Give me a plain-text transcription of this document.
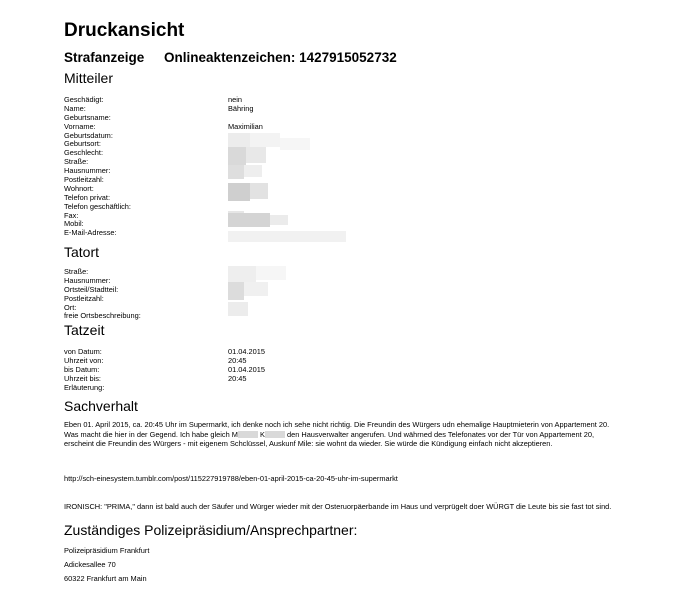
Druckansicht
Strafanzeige Onlineaktenzeichen: 1427915052732
Mitteiler
Geschädigt:	nein
Name:	Bähring
Geburtsname:
Vorname:	Maximilian
Geburtsdatum:
Geburtsort:
Geschlecht:
Straße:
Hausnummer:
Postleitzahl:
Wohnort:
Telefon privat:
Telefon geschäftlich:
Fax:
Mobil:
E-Mail-Adresse:
Tatort
Straße:
Hausnummer:
Ortsteil/Stadtteil:
Postleitzahl:
Ort:
freie Ortsbeschreibung:
Tatzeit
von Datum:	01.04.2015
Uhrzeit von:	20:45
bis Datum:	01.04.2015
Uhrzeit bis:	20:45
Erläuterung:
Sachverhalt
Eben 01. April 2015, ca. 20:45 Uhr im Supermarkt, ich denke noch ich sehe nicht richtig. Die Freundin des Würgers udn ehemalige Hauptmieterin von Appartement 20. Was macht die hier in der Gegend. Ich habe gleich M	K	den Hausverwalter angerufen. Und währned des Telefonates vor der Tür von Appartement 20, erscheint die Freundin des Würgers - mit eigenem Schclüssel, Auskunf Mile: sie wohnt da wieder. Sie würde die Kündigung einfach nicht akzeptieren.
http://sch-einesystem.tumblr.com/post/115227919788/eben-01-april-2015-ca-20-45-uhr-im-supermarkt
IRONISCH: "PRIMA," dann ist bald auch der Säufer und Würger wieder mit der Osteruorpäerbande im Haus und verprügelt doer WÜRGT die Leute bis sie fast tot sind.
Zuständiges Polizeipräsidium/Ansprechpartner:
Polizeipräsidium Frankfurt
Adickesallee 70
60322 Frankfurt am Main
